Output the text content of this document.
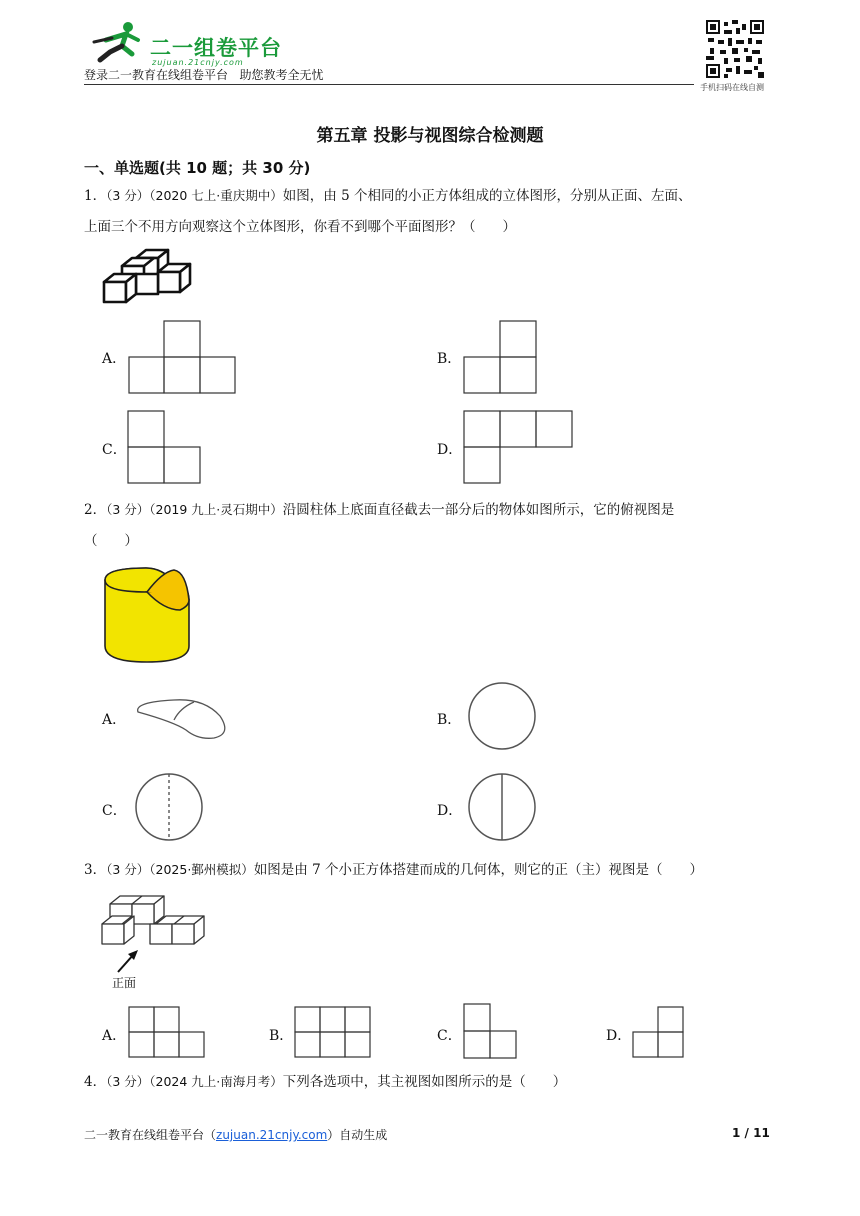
二一组卷平台
zujuan.21cnjy.com
登录二一教育在线组卷平台   助您教考全无忧
手机扫码在线自测
第五章 投影与视图综合检测题
一、单选题(共 10 题；共 30 分)
1．（3 分）（2020 七上·重庆期中）如图，由 5 个相同的小正方体组成的立体图形，分别从正面、左面、
上面三个不用方向观察这个立体图形，你看不到哪个平面图形？（　　）
A．	B．
C．	D．
2．（3 分）（2019 九上·灵石期中）沿圆柱体上底面直径截去一部分后的物体如图所示，它的俯视图是
（　　）
A．	B．
C．	D．
3．（3 分）（2025·鄞州模拟）如图是由 7 个小正方体搭建而成的几何体，则它的正（主）视图是（　　）
正面
A．	B．	C．	D．
4．（3 分）（2024 九上·南海月考）下列各选项中，其主视图如图所示的是（　　）
二一教育在线组卷平台（zujuan.21cnjy.com）自动生成	1 / 11
